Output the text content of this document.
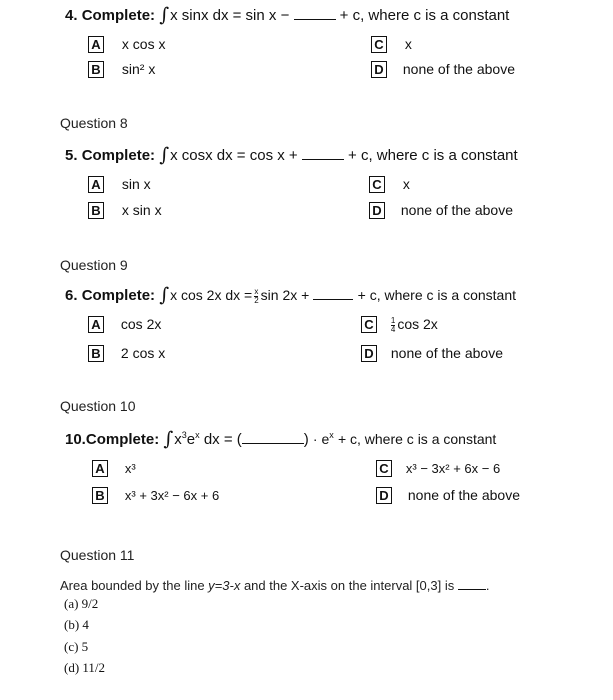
4. Complete: ∫x sinx dx = sin x −	+ c, where c is a constant
A x cos x
B sin² x
C x
D none of the above
Question 8
5. Complete: ∫x cosx dx = cos x +	+ c, where c is a constant
A sin x
B x sin x
C x
D none of the above
Question 9
6. Complete: ∫x cos 2x dx = $\frac{x}{2}$ sin 2x +	+ c, where c is a constant
A cos 2x
B 2 cos x
C $\frac{1}{4}$ cos 2x
D none of the above
Question 10
10.Complete: $\int x^3e^x$ dx = (	) · $e^x + c$, where c is a constant
A x³
B x³ + 3x² − 6x + 6
C x³ − 3x² + 6x − 6
D none of the above
Question 11
Area bounded by the line y=3-x and the X-axis on the interval [0,3] is .
(a) 9/2
(b) 4
(c) 5
(d) 11/2
